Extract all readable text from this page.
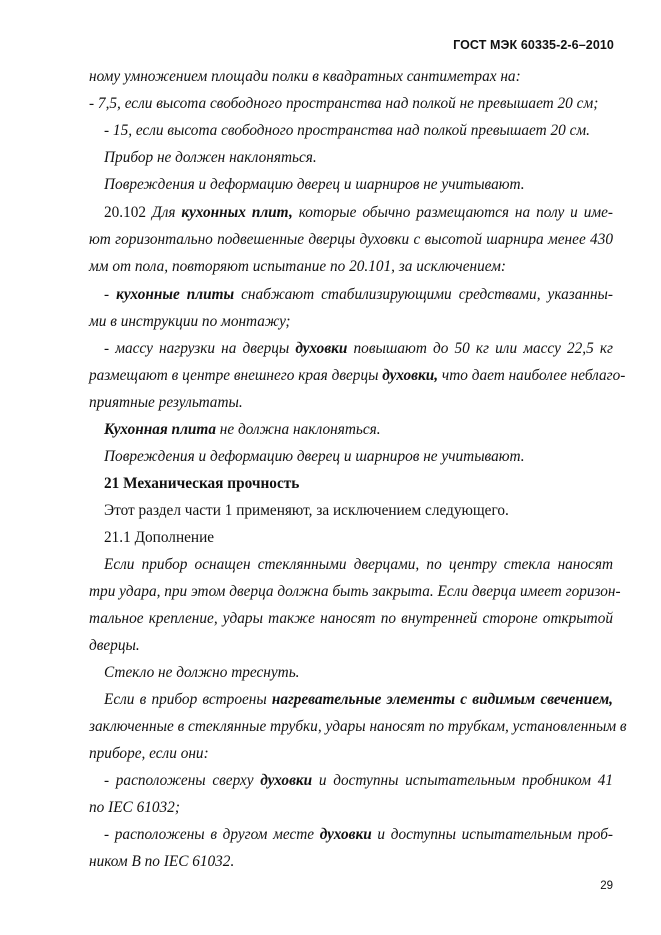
ГОСТ МЭК 60335-2-6–2010
ному умножением площади полки в квадратных сантиметрах на:
- 7,5, если высота свободного пространства над полкой не превышает 20 см;
- 15, если высота свободного пространства над полкой превышает 20 см.
Прибор не должен наклоняться.
Повреждения и деформацию дверец и шарниров не учитывают.
20.102 Для кухонных плит, которые обычно размещаются на полу и име-
ют горизонтально подвешенные дверцы духовки с высотой шарнира менее 430
мм от пола, повторяют испытание по 20.101, за исключением:
- кухонные плиты снабжают стабилизирующими средствами, указанны-
ми в инструкции по монтажу;
- массу нагрузки на дверцы духовки повышают до 50 кг или массу 22,5 кг
размещают в центре внешнего края дверцы духовки, что дает наиболее неблаго-
приятные результаты.
Кухонная плита не должна наклоняться.
Повреждения и деформацию дверец и шарниров не учитывают.
21 Механическая прочность
Этот раздел части 1 применяют, за исключением следующего.
21.1 Дополнение
Если прибор оснащен стеклянными дверцами, по центру стекла наносят
три удара, при этом дверца должна быть закрыта. Если дверца имеет горизон-
тальное крепление, удары также наносят по внутренней стороне открытой
дверцы.
Стекло не должно треснуть.
Если в прибор встроены нагревательные элементы с видимым свечением,
заключенные в стеклянные трубки, удары наносят по трубкам, установленным в
приборе, если они:
- расположены сверху духовки и доступны испытательным пробником 41
по IEC 61032;
- расположены в другом месте духовки и доступны испытательным проб-
ником B по IEC 61032.
29
